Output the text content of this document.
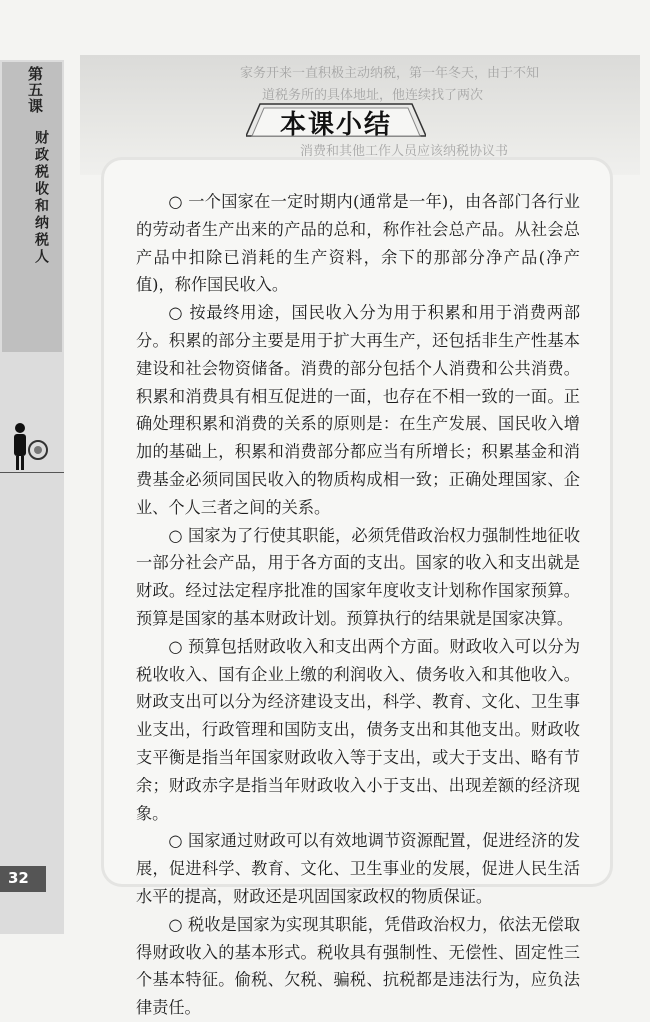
第五课
财政税收和纳税人
32
家务开来一直积极主动纳税，第一年冬天，由于不知
道税务所的具体地址，他连续找了两次
消费和其他工作人员应该纳税协议书
本课小结

○ 一个国家在一定时期内(通常是一年)，由各部门各行业的劳动者生产出来的产品的总和，称作社会总产品。从社会总产品中扣除已消耗的生产资料，余下的那部分净产品(净产值)，称作国民收入。

○ 按最终用途，国民收入分为用于积累和用于消费两部分。积累的部分主要是用于扩大再生产，还包括非生产性基本建设和社会物资储备。消费的部分包括个人消费和公共消费。积累和消费具有相互促进的一面，也存在不相一致的一面。正确处理积累和消费的关系的原则是：在生产发展、国民收入增加的基础上，积累和消费部分都应当有所增长；积累基金和消费基金必须同国民收入的物质构成相一致；正确处理国家、企业、个人三者之间的关系。

○ 国家为了行使其职能，必须凭借政治权力强制性地征收一部分社会产品，用于各方面的支出。国家的收入和支出就是财政。经过法定程序批准的国家年度收支计划称作国家预算。预算是国家的基本财政计划。预算执行的结果就是国家决算。

○ 预算包括财政收入和支出两个方面。财政收入可以分为税收收入、国有企业上缴的利润收入、债务收入和其他收入。财政支出可以分为经济建设支出，科学、教育、文化、卫生事业支出，行政管理和国防支出，债务支出和其他支出。财政收支平衡是指当年国家财政收入等于支出，或大于支出、略有节余；财政赤字是指当年财政收入小于支出、出现差额的经济现象。

○ 国家通过财政可以有效地调节资源配置，促进经济的发展，促进科学、教育、文化、卫生事业的发展，促进人民生活水平的提高，财政还是巩固国家政权的物质保证。

○ 税收是国家为实现其职能，凭借政治权力，依法无偿取得财政收入的基本形式。税收具有强制性、无偿性、固定性三个基本特征。偷税、欠税、骗税、抗税都是违法行为，应负法律责任。
